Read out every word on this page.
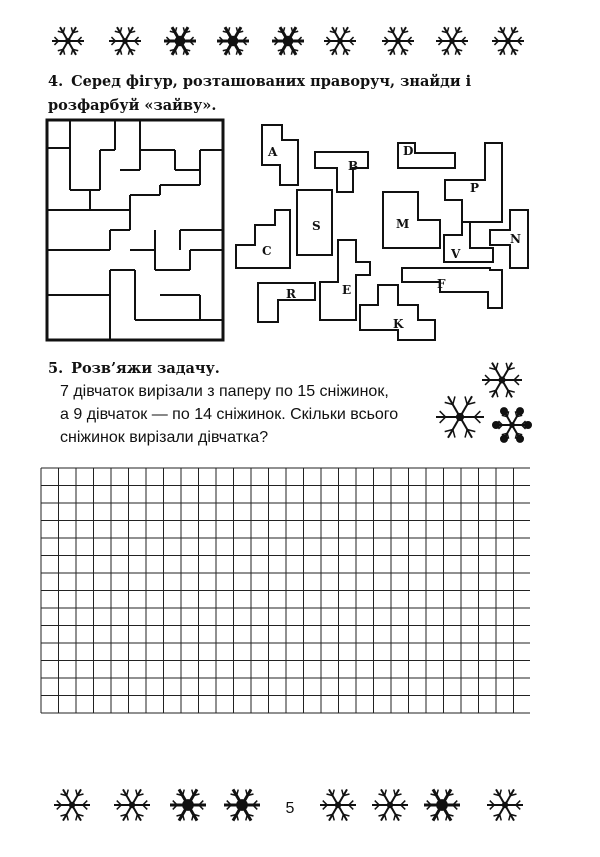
4. Серед фігур, розташованих праворуч, знайди і розфарбуй «зайву».
A
B
D
P
S	M
C	V
N
E	F
R
K
5. Розв’яжи задачу.

7 дівчаток вирізали з паперу по 15 сніжинок,

а 9 дівчаток — по 14 сніжинок. Скільки всього

сніжинок вирізали дівчатка?

5
